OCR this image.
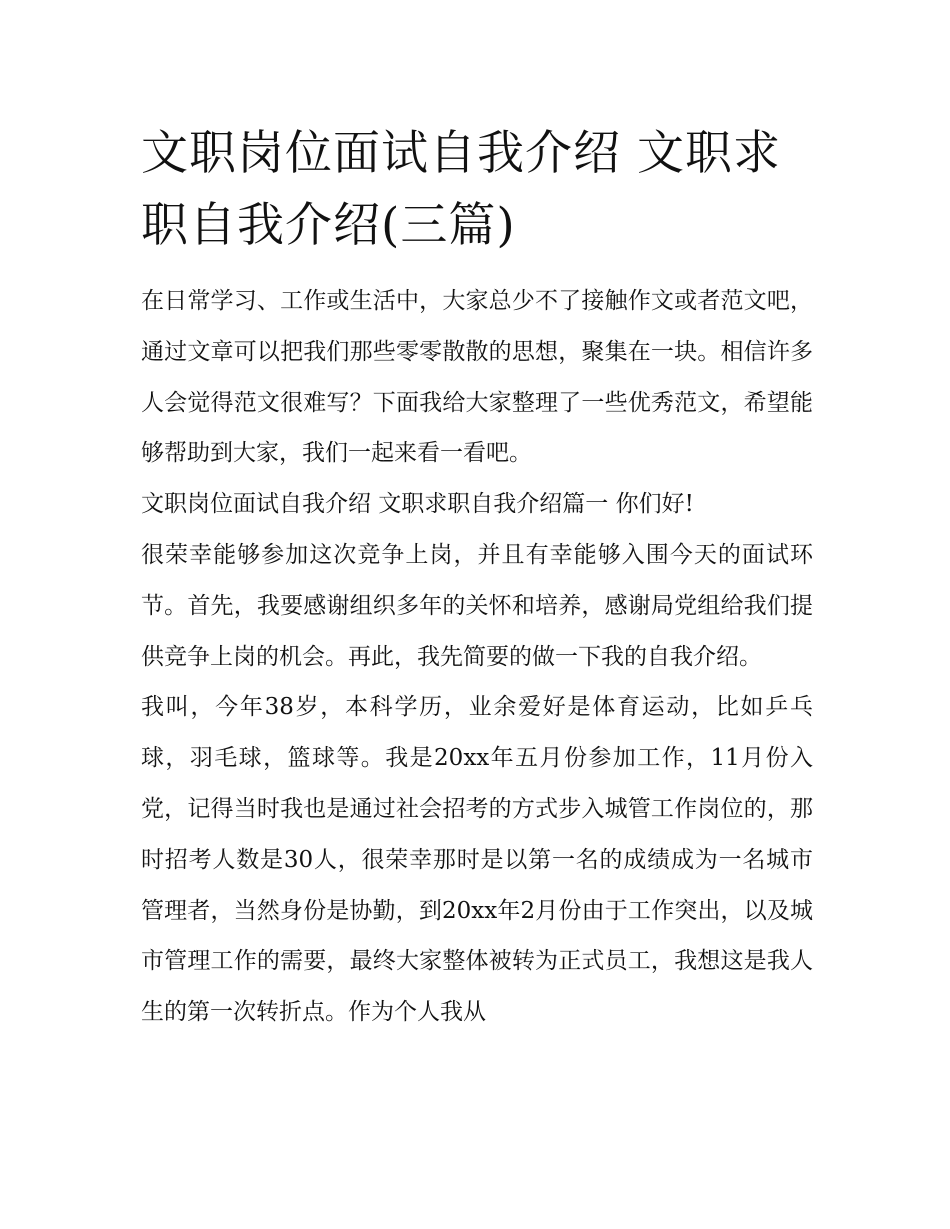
文职岗位面试自我介绍 文职求职自我介绍(三篇)

在日常学习、工作或生活中，大家总少不了接触作文或者范文吧，通过文章可以把我们那些零零散散的思想，聚集在一块。相信许多人会觉得范文很难写？下面我给大家整理了一些优秀范文，希望能够帮助到大家，我们一起来看一看吧。

文职岗位面试自我介绍 文职求职自我介绍篇一 你们好!

很荣幸能够参加这次竞争上岗，并且有幸能够入围今天的面试环节。首先，我要感谢组织多年的关怀和培养，感谢局党组给我们提供竞争上岗的机会。再此，我先简要的做一下我的自我介绍。

我叫，今年38岁，本科学历，业余爱好是体育运动，比如乒乓球，羽毛球，篮球等。我是20xx年五月份参加工作，11月份入党，记得当时我也是通过社会招考的方式步入城管工作岗位的，那时招考人数是30人，很荣幸那时是以第一名的成绩成为一名城市管理者，当然身份是协勤，到20xx年2月份由于工作突出，以及城市管理工作的需要，最终大家整体被转为正式员工，我想这是我人生的第一次转折点。作为个人我从
